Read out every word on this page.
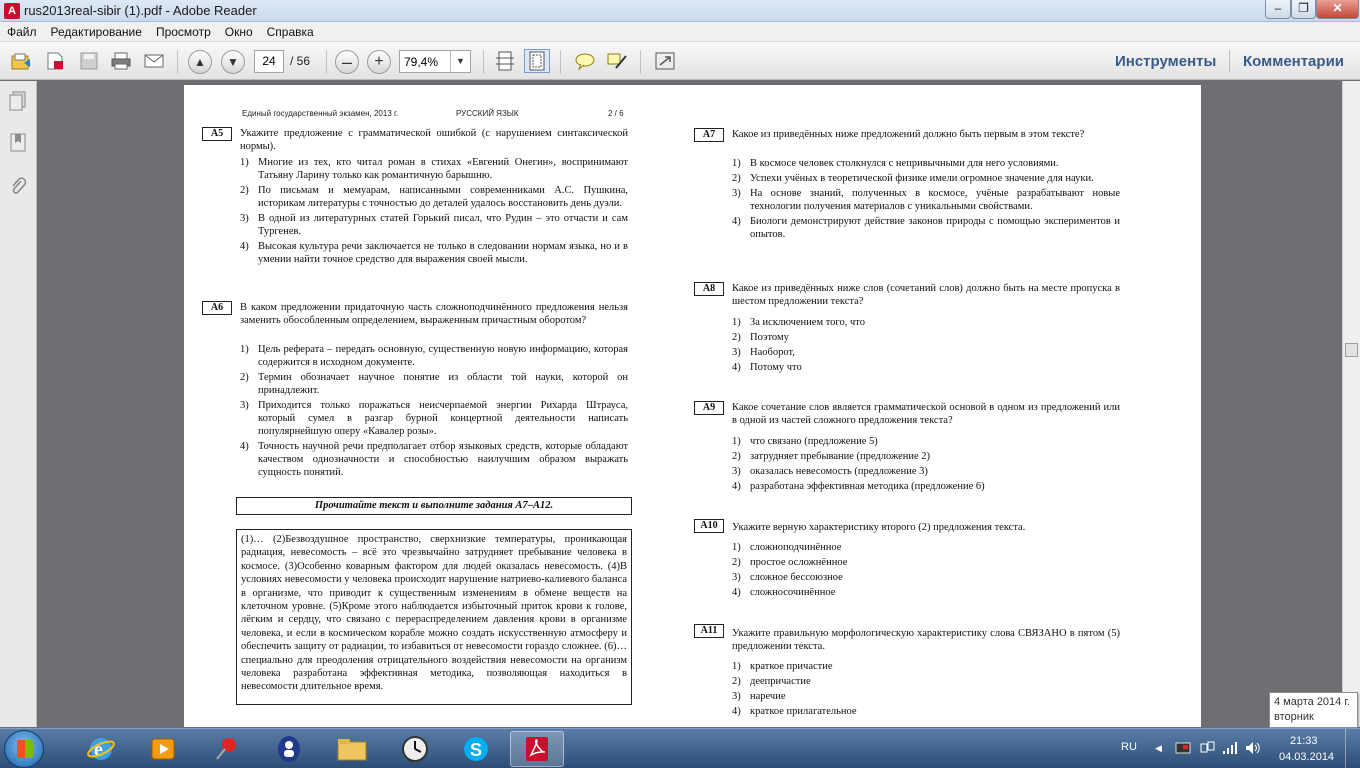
A rus2013real-sibir (1).pdf - Adobe Reader	–	❐	✕
Файл Редактирование Просмотр Окно Справка
▲	▼	24	/ 56	–	+	79,4%	▼	Инструменты Комментарии
Единый государственный экзамен, 2013 г.	РУССКИЙ ЯЗЫК	2 / 6
А5	Укажите предложение с грамматической ошибкой (с нарушением синтаксической нормы).
1) Многие из тех, кто читал роман в стихах «Евгений Онегин», воспринимают Татьяну Ларину только как романтичную барышню.
2) По письмам и мемуарам, написанными современниками А.С. Пушкина, историкам литературы с точностью до деталей удалось восстановить день дуэли.
3) В одной из литературных статей Горький писал, что Рудин – это отчасти и сам Тургенев.
4) Высокая культура речи заключается не только в следовании нормам языка, но и в умении найти точное средство для выражения своей мысли.
А6	В каком предложении придаточную часть сложноподчинённого предложения нельзя заменить обособленным определением, выраженным причастным оборотом?
1) Цель реферата – передать основную, существенную новую информацию, которая содержится в исходном документе.
2) Термин обозначает научное понятие из области той науки, которой он принадлежит.
3) Приходится только поражаться неисчерпаемой энергии Рихарда Штрауса, который сумел в разгар бурной концертной деятельности написать популярнейшую оперу «Кавалер розы».
4) Точность научной речи предполагает отбор языковых средств, которые обладают качеством однозначности и способностью наилучшим образом выражать сущность понятий.
Прочитайте текст и выполните задания А7–А12.
(1)… (2)Безвоздушное пространство, сверхнизкие температуры, проникающая радиация, невесомость – всё это чрезвычайно затрудняет пребывание человека в космосе. (3)Особенно коварным фактором для людей оказалась невесомость. (4)В условиях невесомости у человека происходит нарушение натриево-калиевого баланса в организме, что приводит к существенным изменениям в обмене веществ на клеточном уровне. (5)Кроме этого наблюдается избыточный приток крови к голове, лёгким и сердцу, что связано с перераспределением давления крови в организме человека, и если в космическом корабле можно создать искусственную атмосферу и обеспечить защиту от радиации, то избавиться от невесомости гораздо сложнее. (6)… специально для преодоления отрицательного воздействия невесомости на организм человека разработана эффективная методика, позволяющая находиться в невесомости длительное время.
А7	Какое из приведённых ниже предложений должно быть первым в этом тексте?
1) В космосе человек столкнулся с непривычными для него условиями.
2) Успехи учёных в теоретической физике имели огромное значение для науки.
3) На основе знаний, полученных в космосе, учёные разрабатывают новые технологии получения материалов с уникальными свойствами.
4) Биологи демонстрируют действие законов природы с помощью экспериментов и опытов.
А8	Какое из приведённых ниже слов (сочетаний слов) должно быть на месте пропуска в шестом предложении текста?
1) За исключением того, что
2) Поэтому
3) Наоборот,
4) Потому что
А9	Какое сочетание слов является грамматической основой в одном из предложений или в одной из частей сложного предложения текста?
1) что связано (предложение 5)
2) затрудняет пребывание (предложение 2)
3) оказалась невесомость (предложение 3)
4) разработана эффективная методика (предложение 6)
А10	Укажите верную характеристику второго (2) предложения текста.
1) сложноподчинённое
2) простое осложнённое
3) сложное бессоюзное
4) сложносочинённое
А11	Укажите правильную морфологическую характеристику слова СВЯЗАНО в пятом (5) предложении текста.
1) краткое причастие
2) деепричастие
3) наречие
4) краткое прилагательное
4 марта 2014 г.
вторник
e	S	RU ◀
21:33
04.03.2014
